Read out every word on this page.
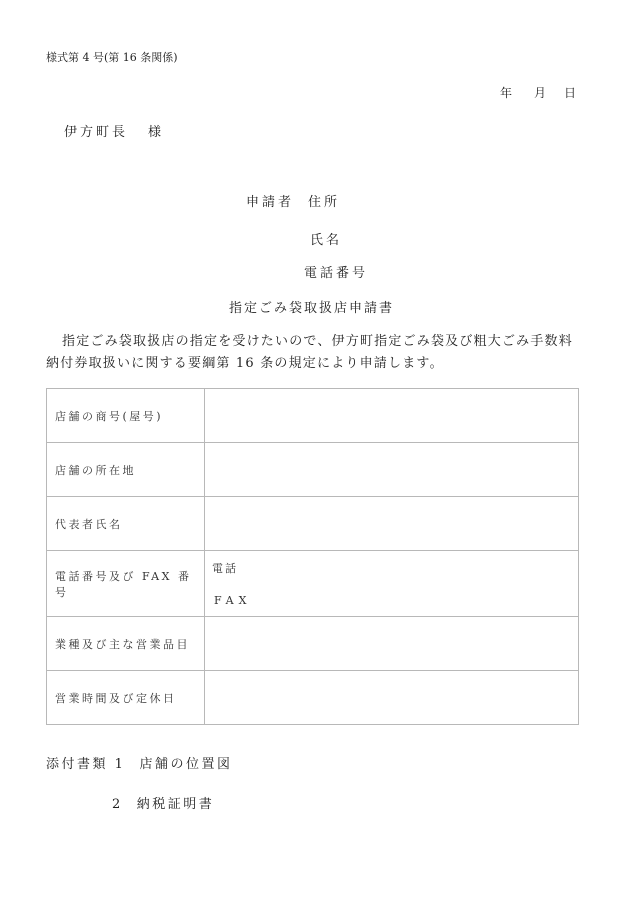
様式第 4 号(第 16 条関係)
年	月	日
伊方町長 様
申請者 住所
氏名
電話番号
指定ごみ袋取扱店申請書
指定ごみ袋取扱店の指定を受けたいので、伊方町指定ごみ袋及び粗大ごみ手数料
納付券取扱いに関する要綱第 16 条の規定により申請します。
店舗の商号(屋号)	
店舗の所在地	
代表者氏名	
電話番号及び FAX 番号	電話
FAX

業種及び主な営業品目	
営業時間及び定休日	
添付書類 1 店舗の位置図
2 納税証明書
